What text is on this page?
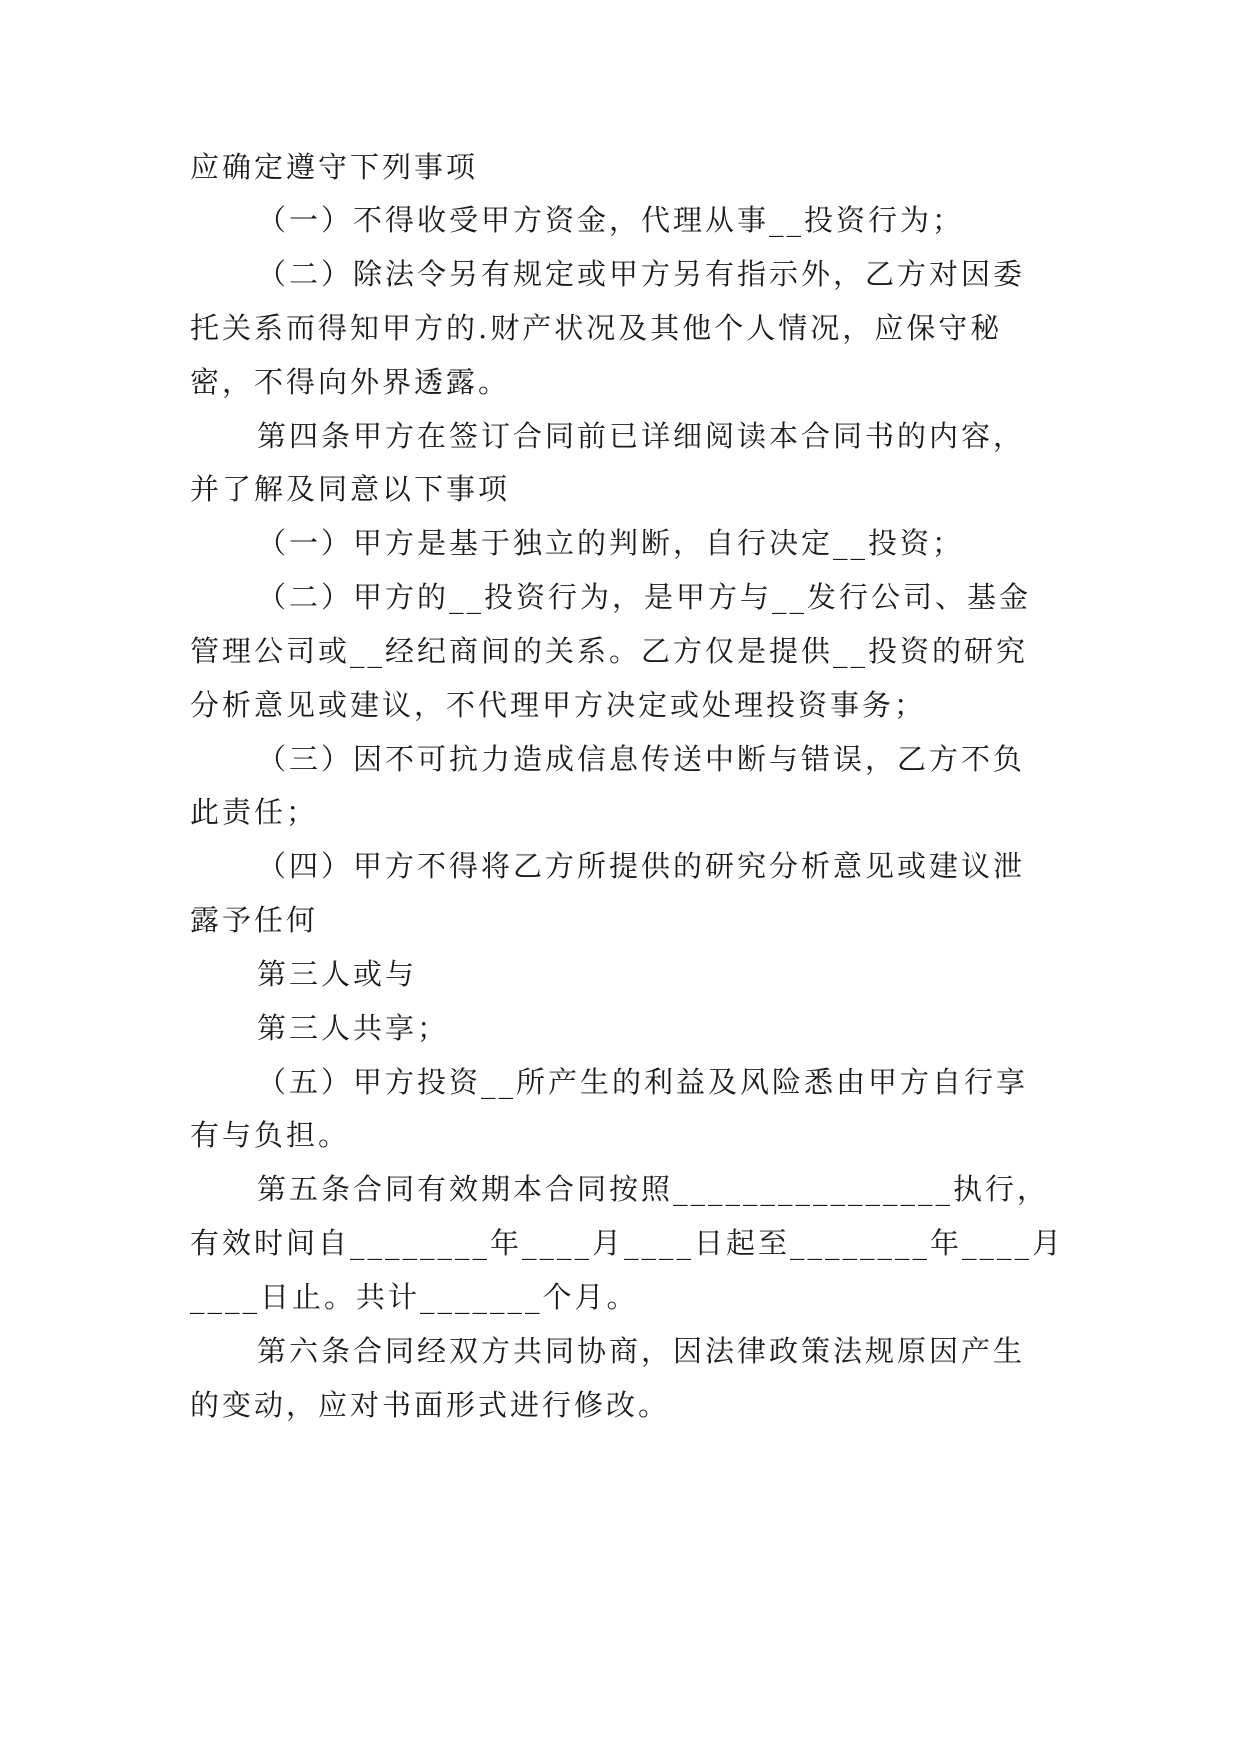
应确定遵守下列事项
（一）不得收受甲方资金，代理从事__投资行为；
（二）除法令另有规定或甲方另有指示外，乙方对因委
托关系而得知甲方的.财产状况及其他个人情况，应保守秘
密，不得向外界透露。
第四条甲方在签订合同前已详细阅读本合同书的内容，
并了解及同意以下事项
（一）甲方是基于独立的判断，自行决定__投资；
（二）甲方的__投资行为，是甲方与__发行公司、基金
管理公司或__经纪商间的关系。乙方仅是提供__投资的研究
分析意见或建议，不代理甲方决定或处理投资事务；
（三）因不可抗力造成信息传送中断与错误，乙方不负
此责任；
（四）甲方不得将乙方所提供的研究分析意见或建议泄
露予任何
第三人或与
第三人共享；
（五）甲方投资__所产生的利益及风险悉由甲方自行享
有与负担。
第五条合同有效期本合同按照________________执行，
有效时间自________年____月____日起至________年____月
____日止。共计_______个月。
第六条合同经双方共同协商，因法律政策法规原因产生
的变动，应对书面形式进行修改。
